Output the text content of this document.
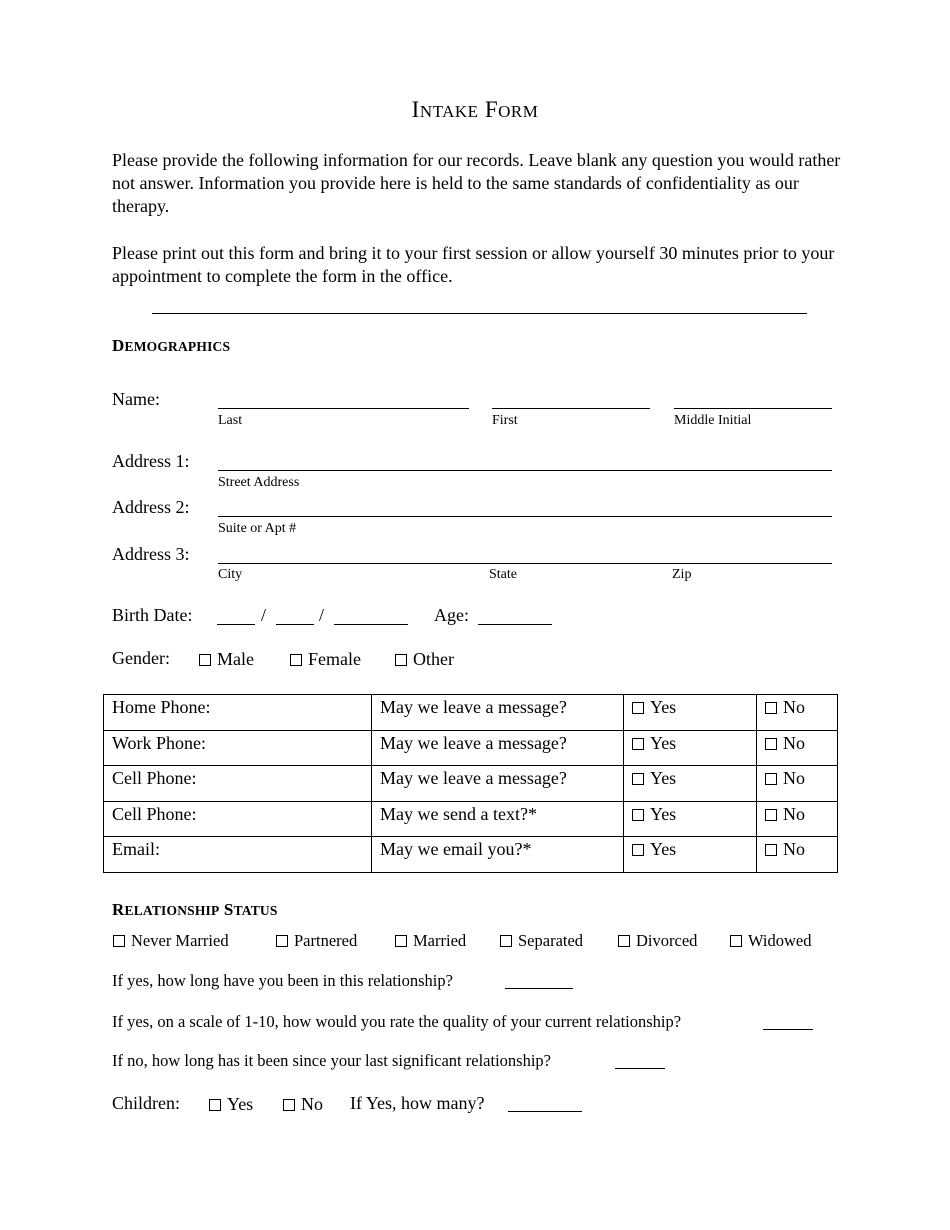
INTAKE FORM
Please provide the following information for our records. Leave blank any question you would rather not answer. Information you provide here is held to the same standards of confidentiality as our therapy.
Please print out this form and bring it to your first session or allow yourself 30 minutes prior to your appointment to complete the form in the office.
DEMOGRAPHICS
Name:
Last	First	Middle Initial
Address 1:
Street Address
Address 2:
Suite or Apt #
Address 3:
City	State	Zip
Birth Date:	/	/	Age:
Gender:	Male	Female	Other
Home Phone:	May we leave a message?	Yes	No
Work Phone:	May we leave a message?	Yes	No
Cell Phone:	May we leave a message?	Yes	No
Cell Phone:	May we send a text?*	Yes	No
Email:	May we email you?*	Yes	No
RELATIONSHIP STATUS
Never Married	Partnered	Married	Separated	Divorced	Widowed
If yes, how long have you been in this relationship?
If yes, on a scale of 1-10, how would you rate the quality of your current relationship?
If no, how long has it been since your last significant relationship?
Children:	Yes	No If Yes, how many?
